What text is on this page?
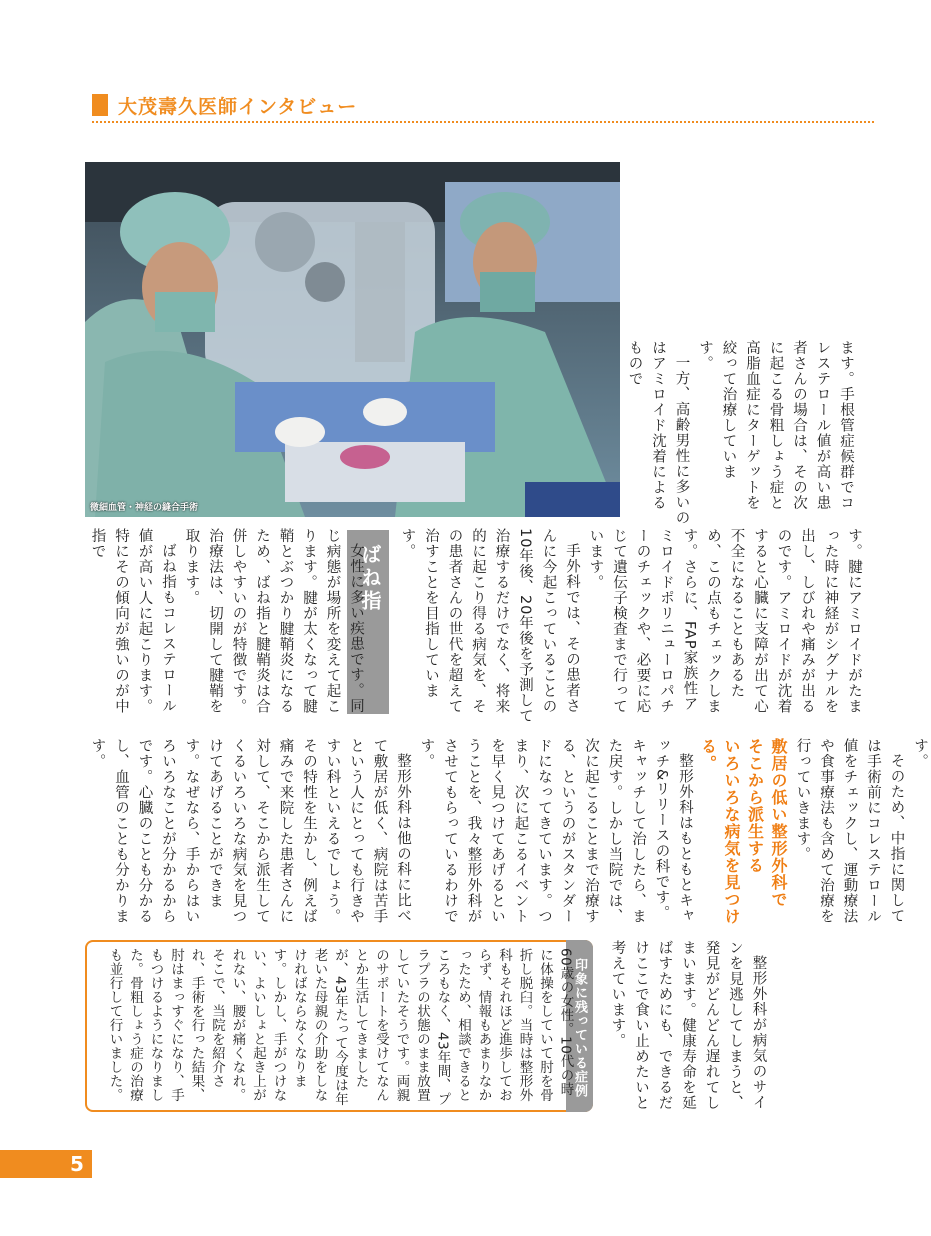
大茂壽久医師インタビュー
微細血管・神経の縫合手術	ます。手根管症候群でコレステロール値が高い患者さんの場合は、その次に起こる骨粗しょう症と高脂血症にターゲットを絞って治療していま

す。

一方、高齢男性に多いのはアミロイド沈着によるもので

す。腱にアミロイドがたまった時に神経がシグナルを出し、しびれや痛みが出るのです。アミロイドが沈着すると心臓に支障が出て心不全になることもあるため、この点もチェックします。さらに、FAP家族性アミロイドポリニューロパチーのチェックや、必要に応じて遺伝子検査まで行っています。

手外科では、その患者さんに今起こっていることの10年後、20年後を予測して治療するだけでなく、将来的に起こり得る病気を、その患者さんの世代を超えて治すことを目指しています。

ばね指

女性に多い疾患です。同じ病態が場所を変えて起こります。腱が太くなって腱鞘とぶつかり腱鞘炎になるため、ばね指と腱鞘炎は合併しやすいのが特徴です。治療法は、切開して腱鞘を取ります。

ばね指もコレステロール値が高い人に起こります。特にその傾向が強いのが中指で

す。

そのため、中指に関しては手術前にコレステロール値をチェックし、運動療法や食事療法も含めて治療を行っていきます。

敷居の低い整形外科で

そこから派生する

いろいろな病気を見つける。

整形外科はもともとキャッチ&リリースの科です。キャッチして治したら、また戻す。しかし当院では、次に起こることまで治療する、というのがスタンダードになってきています。つまり、次に起こるイベントを早く見つけてあげるということを、我々整形外科がさせてもらっているわけです。

整形外科は他の科に比べて敷居が低く、病院は苦手という人にとっても行きやすい科といえるでしょう。その特性を生かし、例えば痛みで来院した患者さんに対して、そこから派生してくるいろいろな病気を見つけてあげることができます。なぜなら、手からはいろいろなことが分かるからです。心臓のことも分かるし、血管のことも分かります。

整形外科が病気のサインを見逃してしまうと、発見がどんどん遅れてしまいます。健康寿命を延ばすためにも、できるだけここで食い止めたいと考えています。

印象に残っている症例
60歳の女性。10代の時に体操をしていて肘を骨折し脱臼。当時は整形外科もそれほど進歩しておらず、情報もあまりなかったため、相談できるところもなく、43年間、プラプラの状態のまま放置していたそうです。両親のサポートを受けてなんとか生活してきましたが、43年たって今度は年老いた母親の介助をしなければならなくなります。しかし、手がつけない、よいしょと起き上がれない、腰が痛くなれ。そこで、当院を紹介され、手術を行った結果、肘はまっすぐになり、手もつけるようになりました。骨粗しょう症の治療も並行して行いました。
5
